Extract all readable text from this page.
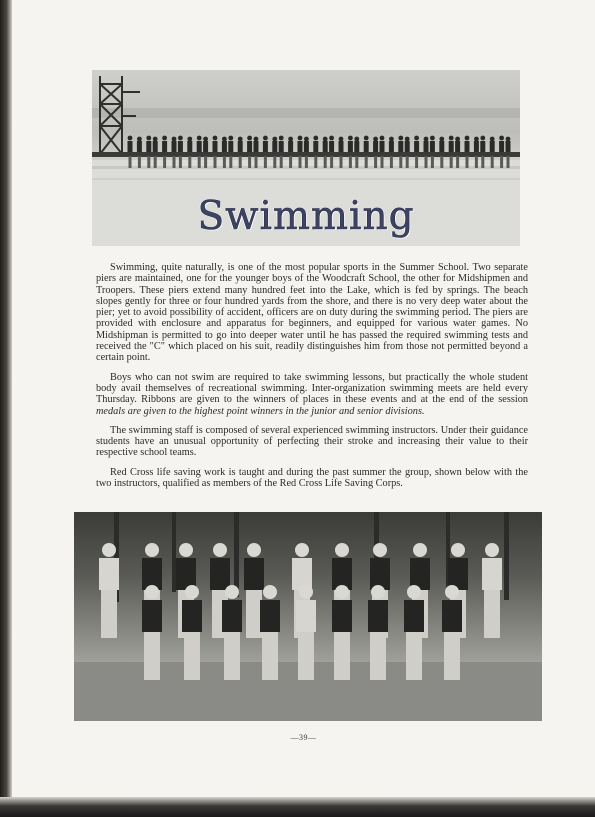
Swimming

Swimming, quite naturally, is one of the most popular sports in the Summer School. Two separate piers are maintained, one for the younger boys of the Woodcraft School, the other for Midshipmen and Troopers. These piers extend many hundred feet into the Lake, which is fed by springs. The beach slopes gently for three or four hundred yards from the shore, and there is no very deep water about the pier; yet to avoid possibility of accident, officers are on duty during the swimming period. The piers are provided with enclosure and apparatus for beginners, and equipped for various water games. No Midshipman is permitted to go into deeper water until he has passed the required swimming tests and received the "C" which placed on his suit, readily distinguishes him from those not permitted beyond a certain point.

Boys who can not swim are required to take swimming lessons, but practically the whole student body avail themselves of recreational swimming. Inter-organization swimming meets are held every Thursday. Ribbons are given to the winners of places in these events and at the end of the session medals are given to the highest point winners in the junior and senior divisions.

The swimming staff is composed of several experienced swimming instructors. Under their guidance students have an unusual opportunity of perfecting their stroke and increasing their value to their respective school teams.

Red Cross life saving work is taught and during the past summer the group, shown below with the two instructors, qualified as members of the Red Cross Life Saving Corps.

—39—
